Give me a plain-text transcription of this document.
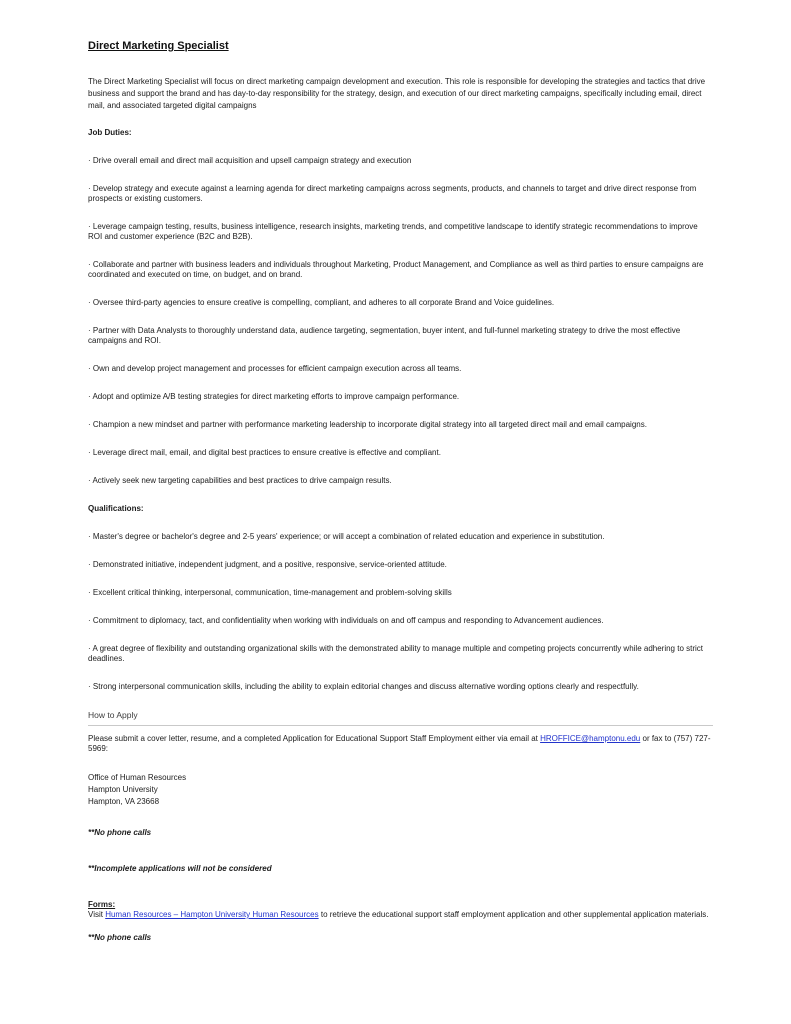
Direct Marketing Specialist

The Direct Marketing Specialist will focus on direct marketing campaign development and execution. This role is responsible for developing the strategies and tactics that drive business and support the brand and has day-to-day responsibility for the strategy, design, and execution of our direct marketing campaigns, specifically including email, direct mail, and associated targeted digital campaigns

Job Duties:
· Drive overall email and direct mail acquisition and upsell campaign strategy and execution
· Develop strategy and execute against a learning agenda for direct marketing campaigns across segments, products, and channels to target and drive direct response from prospects or existing customers.
· Leverage campaign testing, results, business intelligence, research insights, marketing trends, and competitive landscape to identify strategic recommendations to improve ROI and customer experience (B2C and B2B).
· Collaborate and partner with business leaders and individuals throughout Marketing, Product Management, and Compliance as well as third parties to ensure campaigns are coordinated and executed on time, on budget, and on brand.
· Oversee third-party agencies to ensure creative is compelling, compliant, and adheres to all corporate Brand and Voice guidelines.
· Partner with Data Analysts to thoroughly understand data, audience targeting, segmentation, buyer intent, and full-funnel marketing strategy to drive the most effective campaigns and ROI.
· Own and develop project management and processes for efficient campaign execution across all teams.
· Adopt and optimize A/B testing strategies for direct marketing efforts to improve campaign performance.
· Champion a new mindset and partner with performance marketing leadership to incorporate digital strategy into all targeted direct mail and email campaigns.
· Leverage direct mail, email, and digital best practices to ensure creative is effective and compliant.
· Actively seek new targeting capabilities and best practices to drive campaign results.
Qualifications:
· Master's degree or bachelor's degree and 2-5 years' experience; or will accept a combination of related education and experience in substitution.
· Demonstrated initiative, independent judgment, and a positive, responsive, service-oriented attitude.
· Excellent critical thinking, interpersonal, communication, time-management and problem-solving skills
· Commitment to diplomacy, tact, and confidentiality when working with individuals on and off campus and responding to Advancement audiences.
· A great degree of flexibility and outstanding organizational skills with the demonstrated ability to manage multiple and competing projects concurrently while adhering to strict deadlines.
· Strong interpersonal communication skills, including the ability to explain editorial changes and discuss alternative wording options clearly and respectfully.
How to Apply

Please submit a cover letter, resume, and a completed Application for Educational Support Staff Employment either via email at HROFFICE@hamptonu.edu or fax to (757) 727-5969:

Office of Human Resources
Hampton University
Hampton, VA 23668

**No phone calls

**Incomplete applications will not be considered

Forms:

Visit Human Resources – Hampton University Human Resources to retrieve the educational support staff employment application and other supplemental application materials.

**No phone calls
